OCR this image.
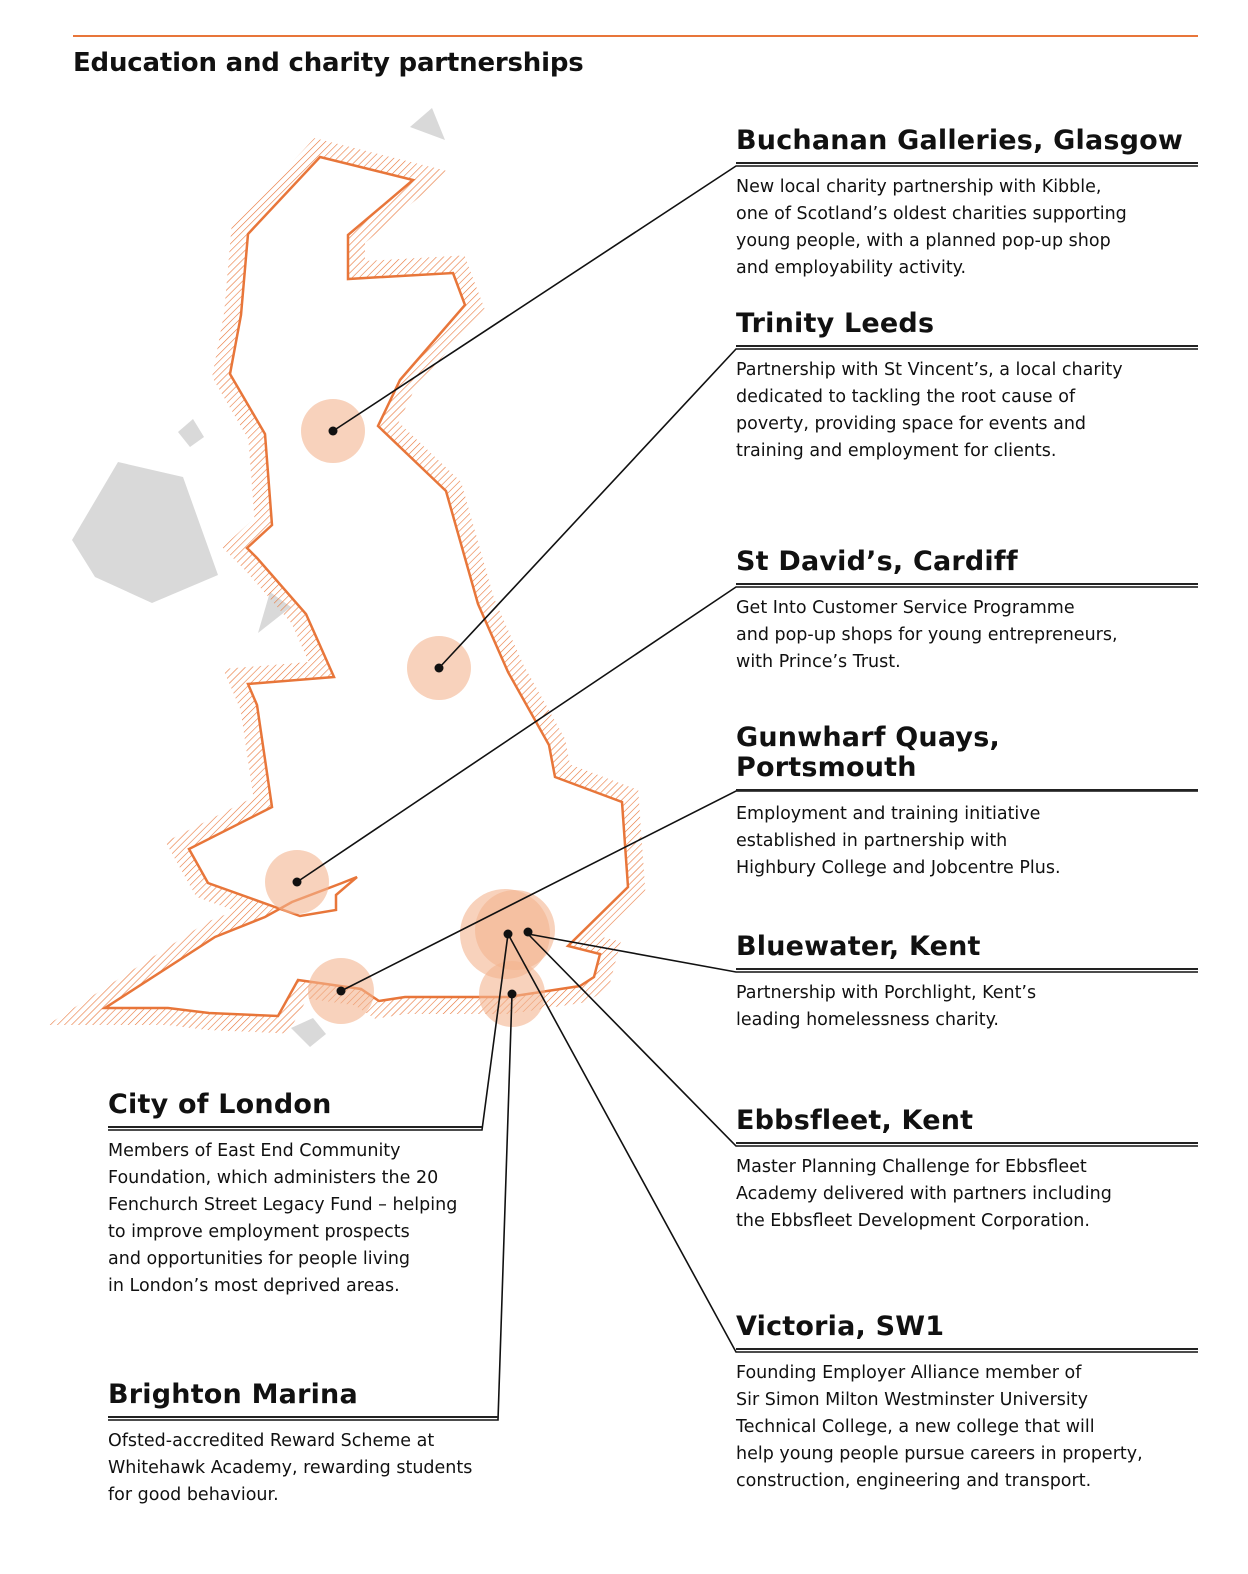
Education and charity partnerships
Buchanan Galleries, Glasgow

New local charity partnership with Kibble,
one of Scotland’s oldest charities supporting
young people, with a planned pop-up shop
and employability activity.

Trinity Leeds

Partnership with St Vincent’s, a local charity
dedicated to tackling the root cause of
poverty, providing space for events and
training and employment for clients.

St David’s, Cardiff

Get Into Customer Service Programme
and pop-up shops for young entrepreneurs,
with Prince’s Trust.

Gunwharf Quays,
Portsmouth

Employment and training initiative
established in partnership with
Highbury College and Jobcentre Plus.

Bluewater, Kent

Partnership with Porchlight, Kent’s
leading homelessness charity.

Ebbsfleet, Kent

Master Planning Challenge for Ebbsfleet
Academy delivered with partners including
the Ebbsfleet Development Corporation.

Victoria, SW1

Founding Employer Alliance member of
Sir Simon Milton Westminster University
Technical College, a new college that will
help young people pursue careers in property,
construction, engineering and transport.

City of London

Members of East End Community
Foundation, which administers the 20
Fenchurch Street Legacy Fund – helping
to improve employment prospects
and opportunities for people living
in London’s most deprived areas.

Brighton Marina

Ofsted-accredited Reward Scheme at
Whitehawk Academy, rewarding students
for good behaviour.
